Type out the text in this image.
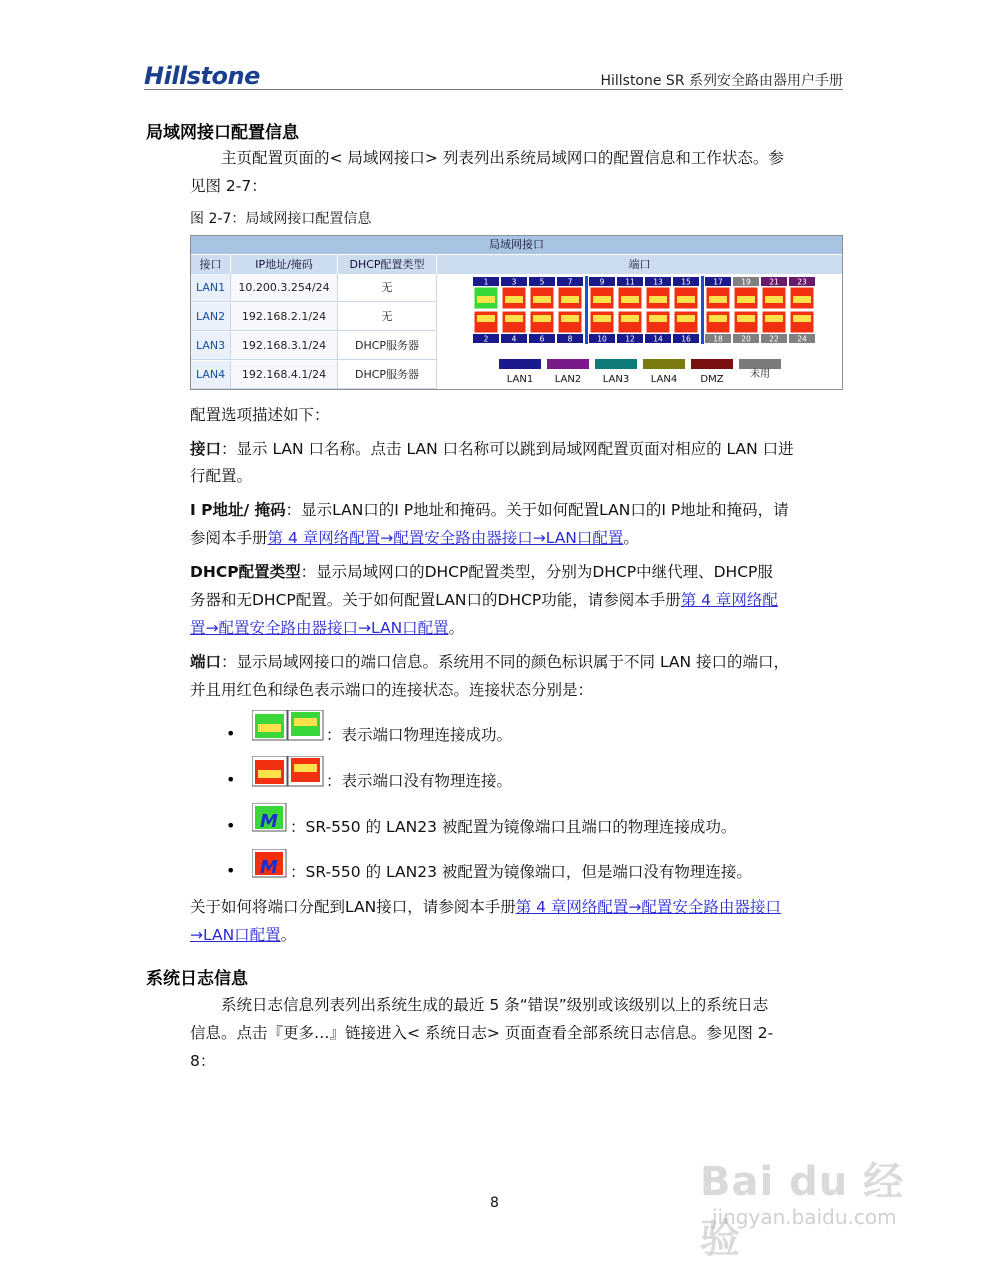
Hillstone	Hillstone SR 系列安全路由器用户手册
局域网接口配置信息
主页配置页面的< 局域网接口> 列表列出系统局域网口的配置信息和工作状态。参
见图 2-7：
图 2-7：局域网接口配置信息
局域网接口
接口	IP地址/掩码	DHCP配置类型	端口
LAN1	10.200.3.254/24	无
LAN2	192.168.2.1/24	无
LAN3	192.168.3.1/24	DHCP服务器
LAN4	192.168.4.1/24	DHCP服务器
1	3	5	7	9	11 13 15	17 19 21 23
2	4	6	8	10 12 14 16	18 20 22 24
LAN1 LAN2 LAN3 LAN4 DMZ	未用
配置选项描述如下：
接口：显示 LAN 口名称。点击 LAN 口名称可以跳到局域网配置页面对相应的 LAN 口进
行配置。
I P地址/ 掩码：显示LAN口的I P地址和掩码。关于如何配置LAN口的I P地址和掩码，请
参阅本手册第 4 章网络配置→配置安全路由器接口→LAN口配置。
DHCP配置类型：显示局域网口的DHCP配置类型，分别为DHCP中继代理、DHCP服
务器和无DHCP配置。关于如何配置LAN口的DHCP功能，请参阅本手册第 4 章网络配
置→配置安全路由器接口→LAN口配置。
端口：显示局域网接口的端口信息。系统用不同的颜色标识属于不同 LAN 接口的端口，
并且用红色和绿色表示端口的连接状态。连接状态分别是：
•	：表示端口物理连接成功。
•	：表示端口没有物理连接。
• M ：SR-550 的 LAN23 被配置为镜像端口且端口的物理连接成功。
• M ：SR-550 的 LAN23 被配置为镜像端口，但是端口没有物理连接。
关于如何将端口分配到LAN接口，请参阅本手册第 4 章网络配置→配置安全路由器接口
→LAN口配置。
系统日志信息
系统日志信息列表列出系统生成的最近 5 条“错误”级别或该级别以上的系统日志
信息。点击『更多…』链接进入< 系统日志> 页面查看全部系统日志信息。参见图 2-
8：
8	Bai du 经验
jingyan.baidu.com
